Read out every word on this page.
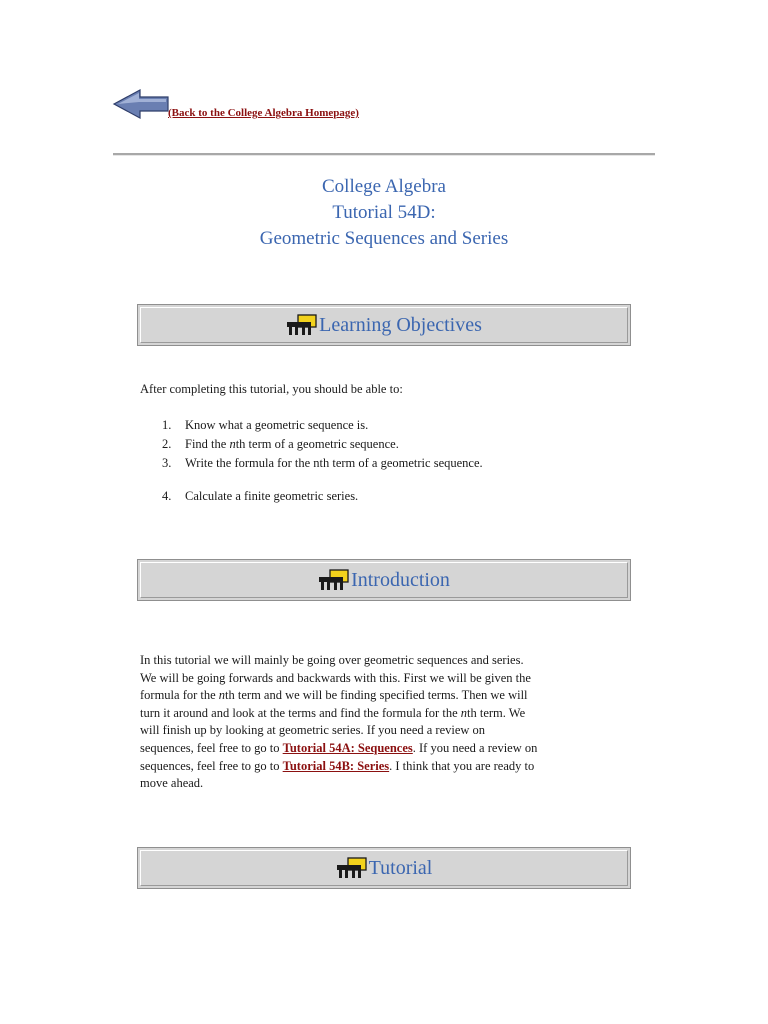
(Back to the College Algebra Homepage)
College Algebra
Tutorial 54D:
Geometric Sequences and Series
Learning Objectives
After completing this tutorial, you should be able to:
1. Know what a geometric sequence is.
2. Find the nth term of a geometric sequence.
3. Write the formula for the nth term of a geometric sequence.
4. Calculate a finite geometric series.
Introduction
In this tutorial we will mainly be going over geometric sequences and series.
We will be going forwards and backwards with this. First we will be given the
formula for the nth term and we will be finding specified terms. Then we will
turn it around and look at the terms and find the formula for the nth term. We
will finish up by looking at geometric series. If you need a review on
sequences, feel free to go to Tutorial 54A: Sequences. If you need a review on
sequences, feel free to go to Tutorial 54B: Series. I think that you are ready to
move ahead.
Tutorial
